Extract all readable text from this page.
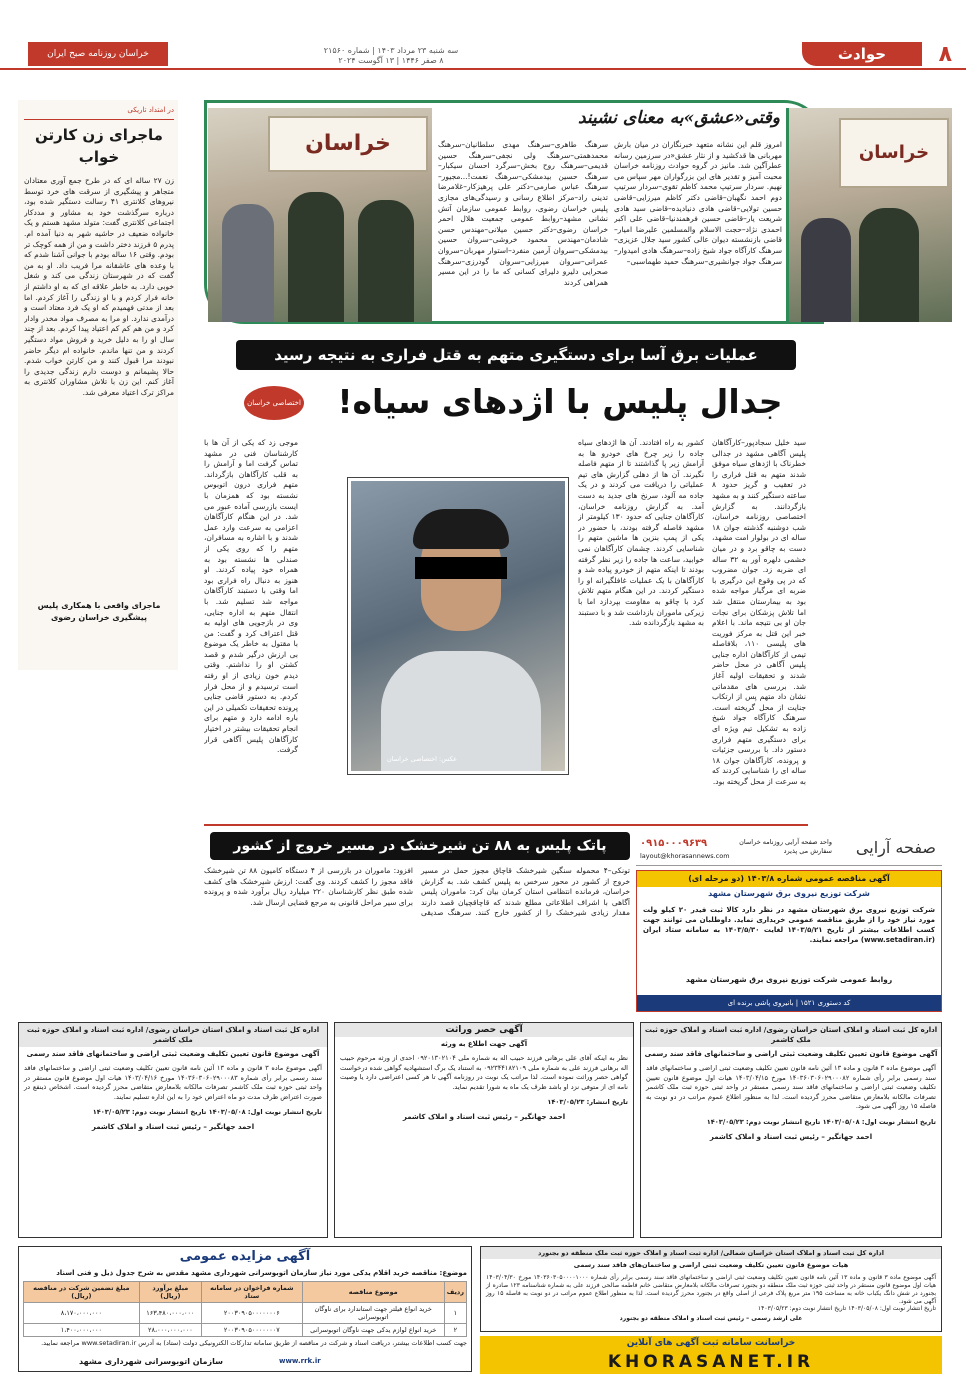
۸
حوادث
سه شنبه ۲۳ مرداد ۱۴۰۳ | شماره ۲۱۵۶۰
۸ صفر ۱۴۴۶ | ۱۳ آگوست ۲۰۲۴
خراسان روزنامه صبح ایران
خراسان
خراسان
وقتی«عشق»به معنای نشیند
امروز قلم این نشانه متعهد خبرنگاران در میان بارش مهربانی ها قدکشید و از نثار عشق«در سرزمین رسانه عطرآگین شد. مانیز در گروه حوادث روزنامه خراسان محبت آمیز و تقدیر های این بزرگواران مهر سپاس می نهیم. سردار سرتیپ محمد کاظم تقوی–سردار سرتیپ دوم احمد نگهبان–قاضی دکتر کاظم میرزایی–قاضی حسین تولایی–قاضی هادی دنیادیده–قاضی سید هادی شریعت یار–قاضی حسین فرهمندنیا–قاضی علی اکبر احمدی نژاد–حجت الاسلام والمسلمین علیرضا امیار–قاضی بازنشسته دیوان عالی کشور سید جلال عزیزی–سرهنگ کارآگاه جواد شیخ زاده–سرهنگ هادی امیدوار–سرهنگ جواد جوانشیری–سرهنگ حمید طهماسبی–
سرهنگ طاهری–سرهنگ مهدی سلطانیان–سرهنگ محمدهمتی–سرهنگ ولی نجفی–سرهنگ حسین قدیمی–سرهنگ روح بخش–سرگرد احسان سیکبار–سرهنگ حسین بیدمشکی–سرهنگ نعمت!...مجیور–سرهنگ عباس صارمی–دکتر علی پرهیزکار–غلامرضا تدینی راد–مرکز اطلاع رسانی و رسیدگی‌های مجازی پلیس خراسان رضوی، روابط عمومی سازمان آتش نشانی مشهد–روابط عمومی جمعیت هلال احمر خراسان رضوی–دکتر حسین میلانی–مهندس حسن شادمان–مهندس محمود خروشی–سروان حسین بیدمشکی–سروان آرمین منفرد–استوار مهربان–سروان عمرانی–سروان میرزایی–سروان گودرزی–سرهنگ صحرایی دلیرو دلیرای کسانی که ما را در این مسیر همراهی کردند
در امتداد تاریکی
ماجرای زن کارتن خواب
زن ۲۷ ساله ای که در طرح جمع آوری معتادان متجاهر و پیشگیری از سرقت های خرد توسط نیروهای کلانتری ۴۱ رسالت دستگیر شده بود، درباره سرگذشت خود به مشاور و مددکار اجتماعی کلانتری گفت: متولد مشهد هستم و یک خانواده ضعیف در حاشیه شهر به دنیا آمده ام. پدرم ۵ فرزند دختر داشت و من از همه کوچک تر بودم. وقتی ۱۶ ساله بودم با جوانی آشنا شدم که با وعده های عاشقانه مرا فریب داد. او به من گفت که در شهرستان زندگی می کند و شغل خوبی دارد. به خاطر علاقه ای که به او داشتم از خانه فرار کردم و با او زندگی را آغاز کردم. اما بعد از مدتی فهمیدم که او یک فرد معتاد است و درآمدی ندارد. او مرا به مصرف مواد مخدر وادار کرد و من هم کم کم اعتیاد پیدا کردم. بعد از چند سال او را به دلیل خرید و فروش مواد دستگیر کردند و من تنها ماندم. خانواده ام دیگر حاضر نبودند مرا قبول کنند و من کارتن خواب شدم. حالا پشیمانم و دوست دارم زندگی جدیدی را آغاز کنم. این زن با تلاش مشاوران کلانتری به مراکز ترک اعتیاد معرفی شد.
ماجرای واقعی با همکاری پلیس پیشگیری خراسان رضوی
عملیات برق آسا برای دستگیری متهم به قتل فراری به نتیجه رسید
جدال پلیس با اژدهای سیاه!
اختصاصی خراسان
سید خلیل سجادپور–کارآگاهان پلیس آگاهی مشهد در جدالی خطرناک با اژدهای سیاه موفق شدند متهم به قتل فراری را در تعقیب و گریز حدود ۸ ساعته دستگیر کنند و به مشهد بازگردانند. به گزارش اختصاصی روزنامه خراسان، شب دوشنبه گذشته جوان ۱۸ ساله ای در بولوار امت مشهد، دست به چاقو برد و در میان خشمی دلهره آور به ۳۲ ساله ای ضربه زد. جوان مضروب که در پی وقوع این درگیری با ضربه ای مرگبار مواجه شده بود به بیمارستان منتقل شد اما تلاش پزشکان برای نجات جان او بی نتیجه ماند. با اعلام خبر این قتل به مرکز فوریت های پلیسی ۱۱۰، بلافاصله تیمی از کارآگاهان اداره جنایی پلیس آگاهی در محل حاضر شدند و تحقیقات اولیه آغاز شد. بررسی های مقدماتی نشان داد متهم پس از ارتکاب جنایت از محل گریخته است. سرهنگ کارآگاه جواد شیخ زاده به تشکیل تیم ویژه ای برای دستگیری متهم فراری دستور داد. با بررسی جزئیات و پرونده، کارآگاهان جوان ۱۸ ساله ای را شناسایی کردند که به سرعت از محل گریخته بود.
کشور به راه افتادند. آن ها اژدهای سیاه جاده را زیر چرخ های خودرو ها به آرامش زیر پا گذاشتند تا از متهم فاصله نگیرند. آن ها از دهلی گزارش های تیم عملیاتی را دریافت می کردند و در یک جاده مه آلود، سرنخ های جدید به دست آمد. به گزارش روزنامه خراسان، کارآگاهان جنایی که حدود ۱۳۰ کیلومتر از مشهد فاصله گرفته بودند، با حضور در یکی از پمپ بنزین ها ماشین متهم را شناسایی کردند. چشمان کارآگاهان نمی خوابید، ساعت ها جاده را زیر نظر گرفته بودند تا اینکه متهم از خودرو پیاده شد و کارآگاهان با یک عملیات غافلگیرانه او را دستگیر کردند. در این هنگام متهم تلاش کرد با چاقو به مقاومت بپردازد اما با زیرکی ماموران بازداشت شد و با دستبند به مشهد بازگردانده شد.
موجی زد که یکی از آن ها با کارشناسان فنی در مشهد تماس گرفت اما و آرامش را به قلب کارآگاهان بازگرداند. متهم فراری درون اتوبوس نشسته بود که همزمان با ایست بازرسی آماده عبور می شد. در این هنگام کارآگاهان اعزامی به سرعت وارد عمل شدند و با اشاره به مسافران، متهم را که روی یکی از صندلی ها نشسته بود به همراه خود پیاده کردند. او هنوز به دنبال راه فراری بود اما وقتی با دستبند کارآگاهان مواجه شد تسلیم شد. با انتقال متهم به اداره جنایی، وی در بازجویی های اولیه به قتل اعتراف کرد و گفت: من با مقتول به خاطر یک موضوع بی ارزش درگیر شدم و قصد کشتن او را نداشتم. وقتی دیدم خون زیادی از او رفته است ترسیدم و از محل فرار کردم. به دستور قاضی جنایی پرونده تحقیقات تکمیلی در این باره ادامه دارد و متهم برای انجام تحقیقات بیشتر در اختیار کارآگاهان پلیس آگاهی قرار گرفت.
عکس: اختصاصی خراسان
پاتک پلیس به ۸۸ تن شیرخشک در مسیر خروج از کشور
تونکی–۴ محموله سنگین شیرخشک قاچاق مجوز حمل در مسیر خروج از کشور در محور سرخس به پلیس کشف شد. به گزارش خراسان، فرمانده انتظامی استان کرمان بیان کرد: ماموران پلیس آگاهی با اشراف اطلاعاتی مطلع شدند که قاچاقچیان قصد دارند مقدار زیادی شیرخشک را از کشور خارج کنند. سرهنگ صدیقی افزود: ماموران در بازرسی از ۴ دستگاه کامیون ۸۸ تن شیرخشک فاقد مجوز را کشف کردند. وی گفت: ارزش شیرخشک های کشف شده طبق نظر کارشناسان ۲۲۰ میلیارد ریال برآورد شده و پرونده برای سیر مراحل قانونی به مرجع قضایی ارسال شد.
صفحه آرایی
واحد صفحه آرایی روزنامه خراسان
سفارش می پذیرد
۰۹۱۵۰۰۰۹۶۳۹
layout@khorasannews.com
آگهی مناقصه عمومی شماره ۱۴۰۳/۸ (دو مرحله ای)
شرکت توزیع نیروی برق شهرستان مشهد
شرکت توزیع نیروی برق شهرستان مشهد در نظر دارد کالا ثبت فیدر ۲۰ کیلو ولت مورد نیاز خود را از طریق مناقصه عمومی خریداری نماید. داوطلبان می توانند جهت کسب اطلاعات بیشتر از تاریخ ۱۴۰۳/۵/۲۱ لغایت ۱۴۰۳/۵/۳۰ به سامانه ستاد ایران (www.setadiran.ir) مراجعه نمایند.
روابط عمومی شرکت توزیع نیروی برق شهرستان مشهد
کد دستوری ۱۵۲۱ | بانیروی پاشی برنده ای
اداره کل ثبت اسناد و املاک استان خراسان رضوی/ اداره ثبت اسناد و املاک حوزه ثبت ملک کاشمر
آگهی موضوع قانون تعیین تکلیف وضعیت ثبتی اراضی و ساختمانهای فاقد سند رسمی
آگهی موضوع ماده ۳ قانون و ماده ۱۳ آئین نامه قانون تعیین تکلیف وضعیت ثبتی اراضی و ساختمانهای فاقد سند رسمی برابر رأی شماره ۱۴۰۳۶۰۳۰۶۰۲۹۰۰۰۸۲ مورخ ۱۴۰۳/۰۴/۱۵ هیات اول موضوع قانون تعیین تکلیف وضعیت ثبتی اراضی و ساختمانهای فاقد سند رسمی مستقر در واحد ثبتی حوزه ثبت ملک کاشمر تصرفات مالکانه بلامعارض متقاضی محرز گردیده است. لذا به منظور اطلاع عموم مراتب در دو نوبت به فاصله ۱۵ روز آگهی می شود.
تاریخ انتشار نوبت اول: ۱۴۰۳/۰۵/۰۸ تاریخ انتشار نوبت دوم: ۱۴۰۳/۰۵/۲۳
احمد جهانگیر – رئیس ثبت اسناد و املاک کاشمر
آگهی حصر وراثت
آگهی جهت اطلاع به ورثه
نظر به اینکه آقای علی برهانی فرزند حبیب اله به شماره ملی ۰۹۲۰۱۳۰۲۱۰۴ احدی از ورثه مرحوم حبیب اله برهانی فرزند علی به شماره ملی ۰۹۲۳۴۴۱۸۲۱۰۹ به استناد یک برگ استشهادیه گواهی شده درخواست گواهی حصر وراثت نموده است. لذا مراتب یک نوبت در روزنامه آگهی تا هر کسی اعتراضی دارد یا وصیت نامه ای از متوفی نزد او باشد ظرف یک ماه به شورا تقدیم نماید.
تاریخ انتشار: ۱۴۰۳/۰۵/۲۳
احمد جهانگیر – رئیس ثبت اسناد و املاک کاشمر
اداره کل ثبت اسناد و املاک استان خراسان رضوی/ اداره ثبت اسناد و املاک حوزه ثبت ملک کاشمر
آگهی موضوع قانون تعیین تکلیف وضعیت ثبتی اراضی و ساختمانهای فاقد سند رسمی
آگهی موضوع ماده ۳ قانون و ماده ۱۳ آئین نامه قانون تعیین تکلیف وضعیت ثبتی اراضی و ساختمانهای فاقد سند رسمی برابر رأی شماره ۱۴۰۳۶۰۳۰۶۰۲۹۰۰۰۸۳ مورخ ۱۴۰۳/۰۴/۱۶ هیات اول موضوع قانون مستقر در واحد ثبتی حوزه ثبت ملک کاشمر تصرفات مالکانه بلامعارض متقاضی محرز گردیده است. اشخاص ذینفع در صورت اعتراض ظرف مدت دو ماه اعتراض خود را به این اداره تسلیم نمایند.
تاریخ انتشار نوبت اول: ۱۴۰۳/۰۵/۰۸ تاریخ انتشار نوبت دوم: ۱۴۰۳/۰۵/۲۳
احمد جهانگیر – رئیس ثبت اسناد و املاک کاشمر
آگهی مزایده عمومی
موضوع: مناقصه خرید اقلام یدکی مورد نیاز سازمان اتوبوسرانی شهرداری مشهد مقدس به شرح جدول ذیل و فنی اسناد
ردیف	موضوع مناقصه	شماره فراخوان در سامانه ستاد	مبلغ برآورد (ریال)	مبلغ تضمین شرکت در مناقصه (ریال)
۱	خرید انواع فیلتر جهت استاندارد برای ناوگان اتوبوسرانی	۲۰۰۳۰۹۰۵۰۰۰۰۰۰۰۶	۱۶۳،۴۸۰،۰۰۰،۰۰۰	۸،۱۷۰،۰۰۰،۰۰۰
۲	خرید انواع لوازم یدکی جهت ناوگان اتوبوسرانی	۲۰۰۳۰۹۰۵۰۰۰۰۰۰۰۷	۲۸،۰۰۰،۰۰۰،۰۰۰	۱،۴۰۰،۰۰۰،۰۰۰
جهت کسب اطلاعات بیشتر، دریافت اسناد و شرکت در مناقصه از طریق سامانه تدارکات الکترونیکی دولت (ستاد) به آدرس www.setadiran.ir مراجعه نمایید.
www.rrk.ir
سازمان اتوبوسرانی شهرداری مشهد
اداره کل ثبت اسناد و املاک استان خراسان شمالی/ اداره ثبت اسناد و املاک حوزه ثبت ملک منطقه دو بجنورد
هیات موضوع قانون تعیین تکلیف وضعیت ثبتی اراضی و ساختمان‌های فاقد سند رسمی
آگهی موضوع ماده ۳ قانون و ماده ۱۳ آئین نامه قانون تعیین تکلیف وضعیت ثبتی اراضی و ساختمانهای فاقد سند رسمی برابر رأی شماره ۱۴۰۳۶۰۳۰۵۰۰۰۰۱۰۰۰ مورخ ۱۴۰۳/۰۴/۳۰ هیات اول موضوع قانون مستقر در واحد ثبتی حوزه ثبت ملک منطقه دو بجنورد تصرفات مالکانه بلامعارض متقاضی خانم فاطمه صالحی فرزند علی به شماره شناسنامه ۱۲۳ صادره از بجنورد در شش دانگ یکباب خانه به مساحت ۱۹۵ متر مربع پلاک فرعی از اصلی واقع در بجنورد محرز گردیده است. لذا به منظور اطلاع عموم مراتب در دو نوبت به فاصله ۱۵ روز آگهی می شود.
تاریخ انتشار نوبت اول: ۱۴۰۳/۰۵/۰۸ تاریخ انتشار نوبت دوم: ۱۴۰۳/۰۵/۲۳
علی ارشد رسمی – رئیس ثبت اسناد و املاک منطقه دو بجنورد
خراسانت سامانه ثبت آگهی های آنلاین
KHORASANET.IR
